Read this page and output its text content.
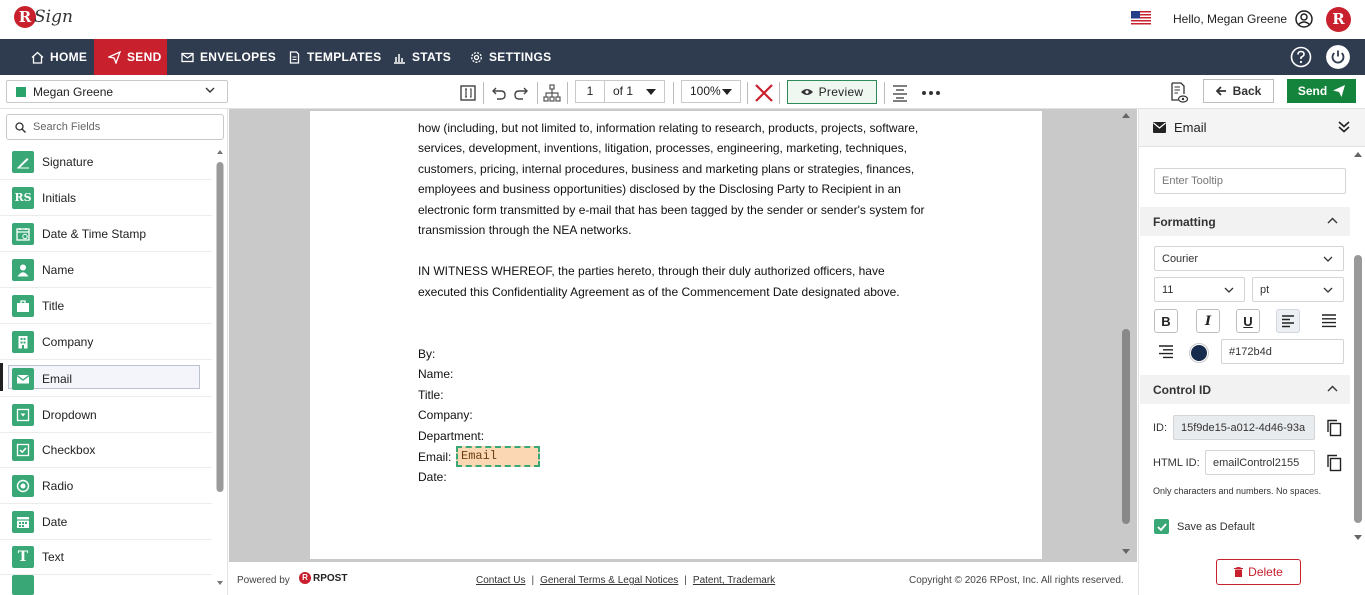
R Sign	Hello, Megan Greene	R
HOME	SEND	ENVELOPES	TEMPLATES	STATS	SETTINGS
Megan Greene	1	of 1	100%	Preview	Back	Send
Search Fields
Signature
RS Initials
Date & Time Stamp
Name
Title
Company
Email
Dropdown
Checkbox
Radio
Date
T Text
how (including, but not limited to, information relating to research, products, projects, software,
services, development, inventions, litigation, processes, engineering, marketing, techniques,
customers, pricing, internal procedures, business and marketing plans or strategies, finances,
employees and business opportunities) disclosed by the Disclosing Party to Recipient in an
electronic form transmitted by e-mail that has been tagged by the sender or sender's system for
transmission through the NEA networks.
IN WITNESS WHEREOF, the parties hereto, through their duly authorized officers, have
executed this Confidentiality Agreement as of the Commencement Date designated above.
By:
Name:
Title:
Company:
Department:
Email:
Date:
Email
Powered by	R RPOST	Contact Us | General Terms & Legal Notices | Patent, Trademark	Copyright © 2026 RPost, Inc. All rights reserved.
Email
Enter Tooltip
Formatting
Courier
11	pt
B	I U
#172b4d
Control ID
ID: 15f9de15-a012-4d46-93a
HTML ID: emailControl2155
Only characters and numbers. No spaces.
Save as Default
Delete
